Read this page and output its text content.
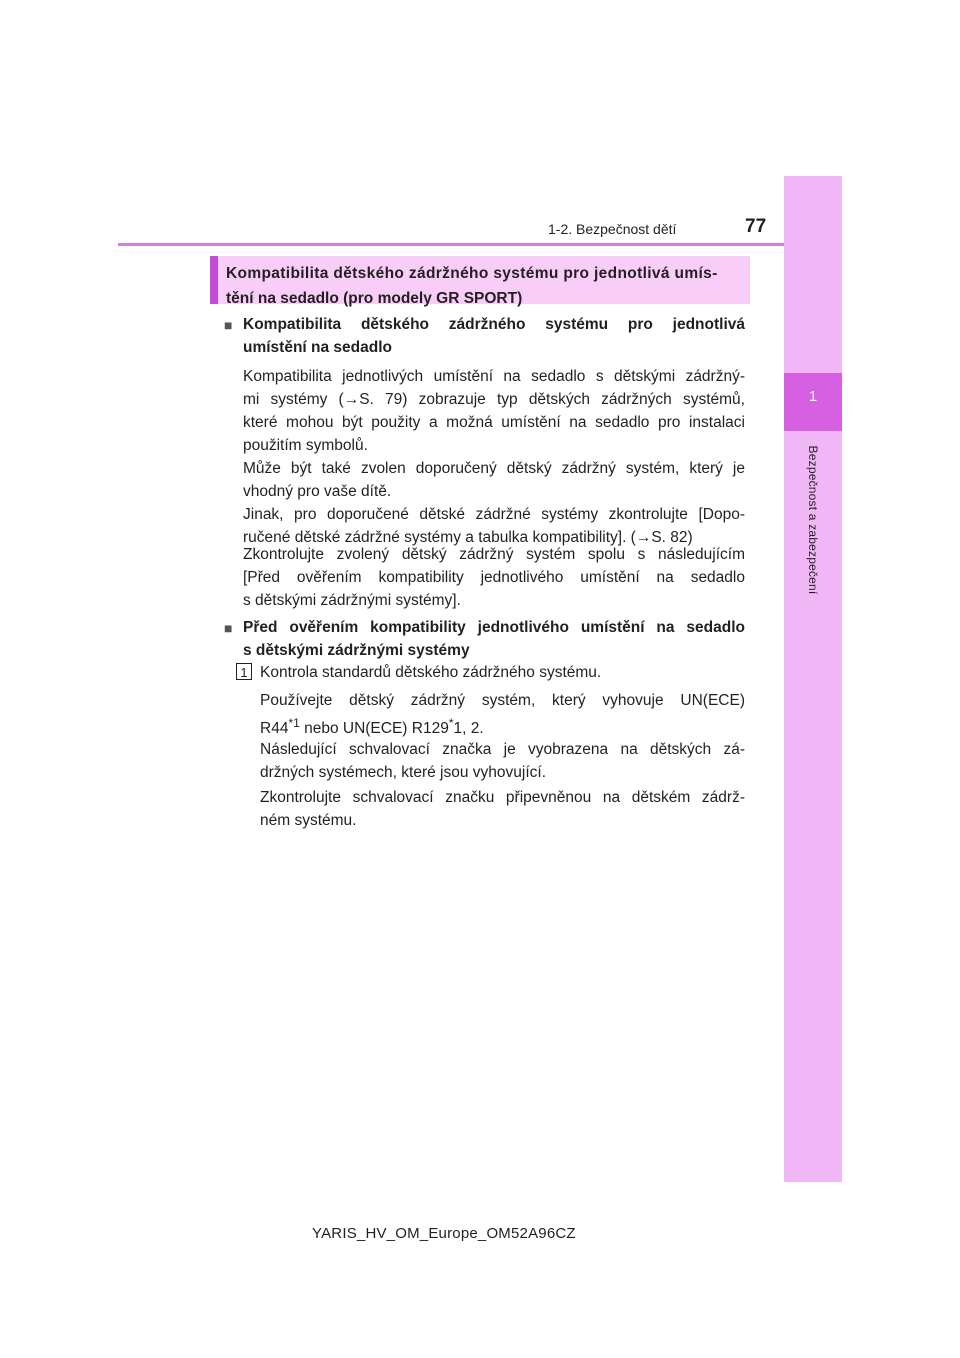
1
Bezpečnost a zabezpečení
1-2. Bezpečnost dětí	77
Kompatibilita dětského zádržného systému pro jednotlivá umís-
tění na sedadlo (pro modely GR SPORT)
■ Kompatibilita dětského zádržného systému pro jednotlivá
umístění na sedadlo
Kompatibilita jednotlivých umístění na sedadlo s dětskými zádržný-
mi systémy (→S. 79) zobrazuje typ dětských zádržných systémů,
které mohou být použity a možná umístění na sedadlo pro instalaci
použitím symbolů.
Může být také zvolen doporučený dětský zádržný systém, který je
vhodný pro vaše dítě.
Jinak, pro doporučené dětské zádržné systémy zkontrolujte [Dopo-
ručené dětské zádržné systémy a tabulka kompatibility]. (→S. 82)
Zkontrolujte zvolený dětský zádržný systém spolu s následujícím
[Před ověřením kompatibility jednotlivého umístění na sedadlo
s dětskými zádržnými systémy].
■ Před ověřením kompatibility jednotlivého umístění na sedadlo
s dětskými zádržnými systémy
1 Kontrola standardů dětského zádržného systému.
Používejte dětský zádržný systém, který vyhovuje UN(ECE)
R44$^{*1}$ nebo UN(ECE) R129*1, 2.
Následující schvalovací značka je vyobrazena na dětských zá-
držných systémech, které jsou vyhovující.
Zkontrolujte schvalovací značku připevněnou na dětském zádrž-
ném systému.
YARIS_HV_OM_Europe_OM52A96CZ
